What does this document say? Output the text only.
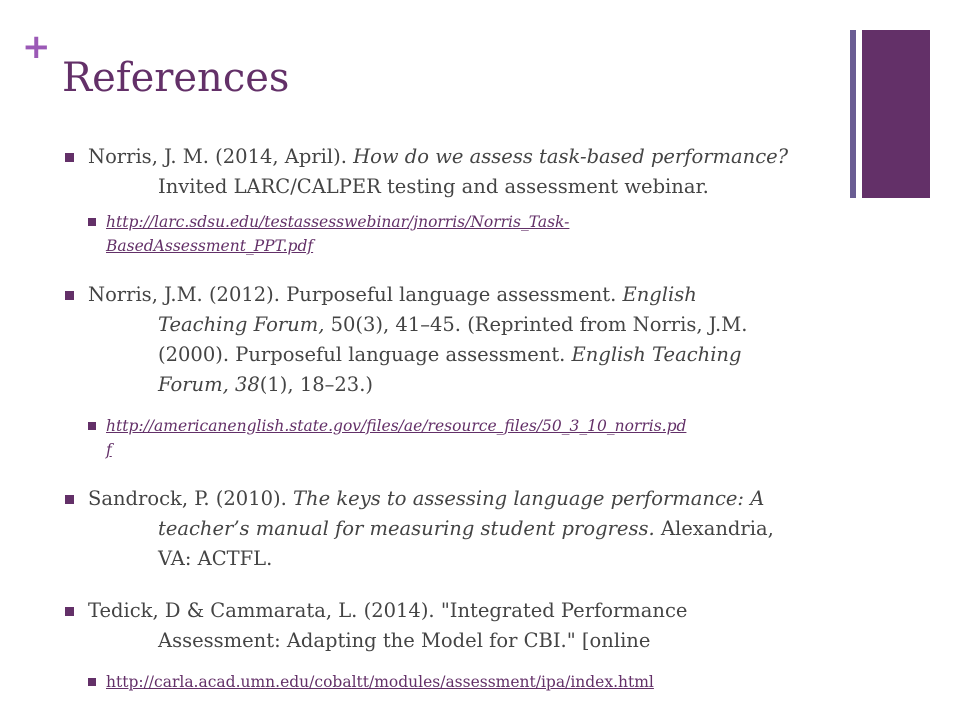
+
References
Norris, J. M. (2014, April). How do we assess task-based performance?
Invited LARC/CALPER testing and assessment webinar.
http://larc.sdsu.edu/testassesswebinar/jnorris/Norris_Task-
BasedAssessment_PPT.pdf
Norris, J.M. (2012). Purposeful language assessment. English
Teaching Forum, 50(3), 41–45. (Reprinted from Norris, J.M.
(2000). Purposeful language assessment. English Teaching
Forum, 38(1), 18–23.)
http://americanenglish.state.gov/files/ae/resource_files/50_3_10_norris.pd
f
Sandrock, P. (2010). The keys to assessing language performance: A
teacher’s manual for measuring student progress. Alexandria,
VA: ACTFL.
Tedick, D & Cammarata, L. (2014). "Integrated Performance
Assessment: Adapting the Model for CBI." [online
http://carla.acad.umn.edu/cobaltt/modules/assessment/ipa/index.html
